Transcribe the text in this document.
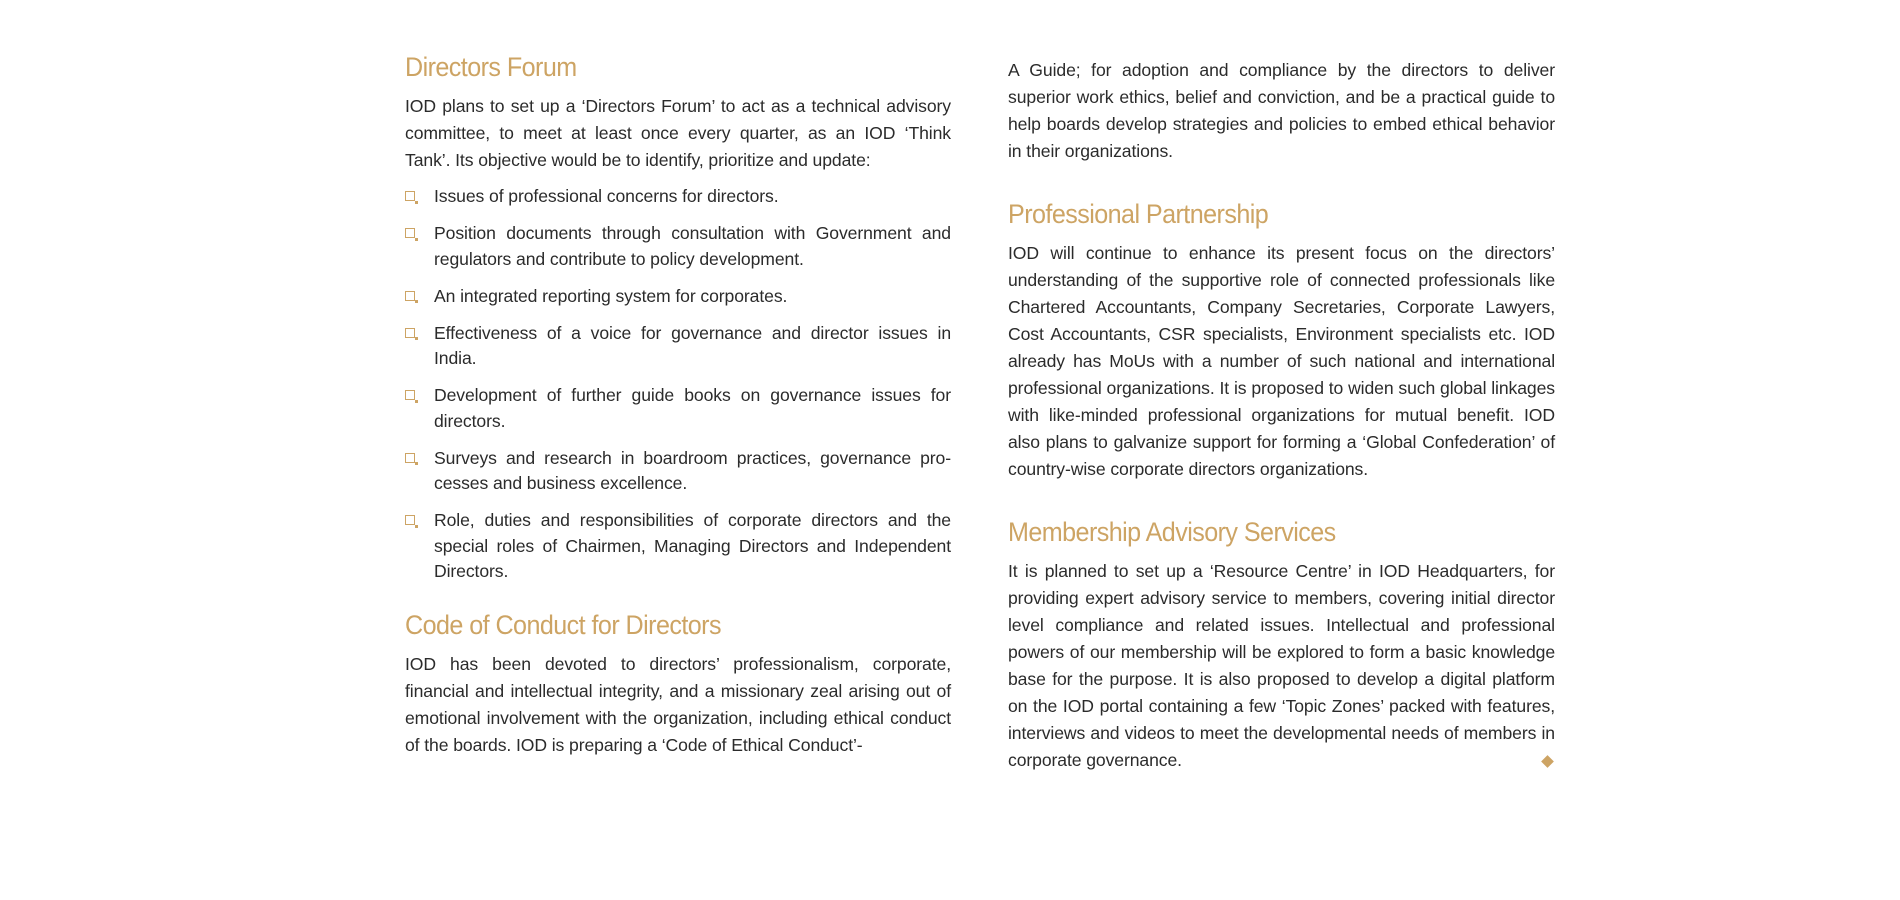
Directors Forum

IOD plans to set up a ‘Directors Forum’ to act as a technical advisory committee, to meet at least once every quarter, as an IOD ‘Think Tank’. Its objective would be to identify, prioritize and update:

Issues of professional concerns for directors.
Position documents through consultation with Government and regulators and contribute to policy development.
An integrated reporting system for corporates.
Effectiveness of a voice for governance and director issues in India.
Development of further guide books on governance issues for directors.
Surveys and research in boardroom practices, governance pro-cesses and business excellence.
Role, duties and responsibilities of corporate directors and the special roles of Chairmen, Managing Directors and Independent Directors.
Code of Conduct for Directors

IOD has been devoted to directors’ professionalism, corporate, financial and intellectual integrity, and a missionary zeal arising out of emotional involvement with the organization, including ethical conduct of the boards. IOD is preparing a ‘Code of Ethical Conduct’-

A Guide; for adoption and compliance by the directors to deliver superior work ethics, belief and conviction, and be a practical guide to help boards develop strategies and policies to embed ethical behavior in their organizations.

Professional Partnership

IOD will continue to enhance its present focus on the directors’ understanding of the supportive role of connected professionals like Chartered Accountants, Company Secretaries, Corporate Lawyers, Cost Accountants, CSR specialists, Environment specialists etc. IOD already has MoUs with a number of such national and international professional organizations. It is proposed to widen such global linkages with like-minded professional organizations for mutual benefit. IOD also plans to galvanize support for forming a ‘Global Confederation’ of country-wise corporate directors organizations.

Membership Advisory Services

It is planned to set up a ‘Resource Centre’ in IOD Headquarters, for providing expert advisory service to members, covering initial director level compliance and related issues. Intellectual and professional powers of our membership will be explored to form a basic knowledge base for the purpose. It is also proposed to develop a digital platform on the IOD portal containing a few ‘Topic Zones’ packed with features, interviews and videos to meet the developmental needs of members in corporate governance.
